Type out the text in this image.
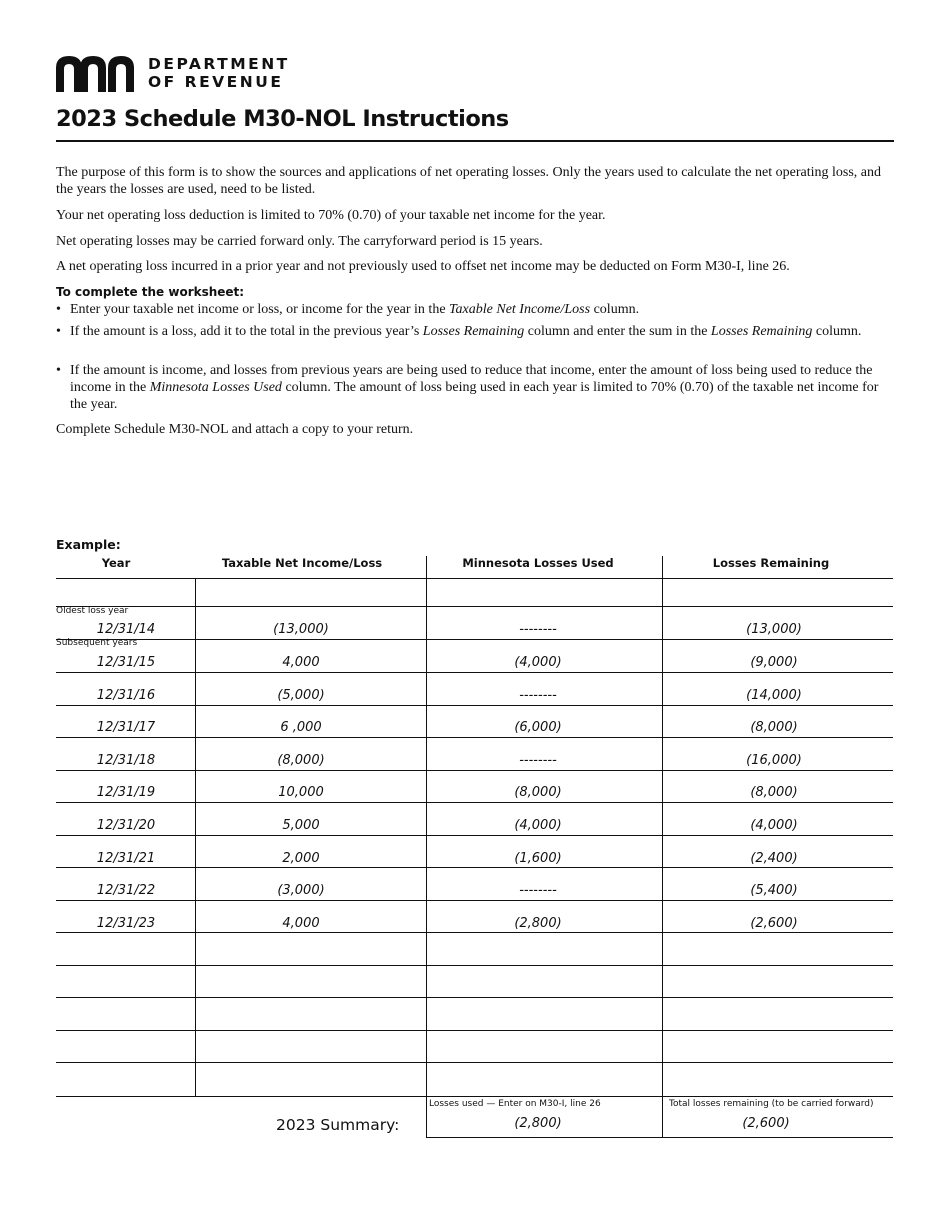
DEPARTMENT
OF REVENUE
2023 Schedule M30-NOL Instructions

The purpose of this form is to show the sources and applications of net operating losses. Only the years used to calculate the net operating loss, and the years the losses are used, need to be listed.

Your net operating loss deduction is limited to 70% (0.70) of your taxable net income for the year.

Net operating losses may be carried forward only. The carryforward period is 15 years.

A net operating loss incurred in a prior year and not previously used to offset net income may be deducted on Form M30-I, line 26.

To complete the worksheet:
• Enter your taxable net income or loss, or income for the year in the Taxable Net Income/Loss column.
• If the amount is a loss, add it to the total in the previous year’s Losses Remaining column and enter the sum in the Losses Remaining column.
• If the amount is income, and losses from previous years are being used to reduce that income, enter the amount of loss being used to reduce the income in the Minnesota Losses Used column. The amount of loss being used in each year is limited to 70% (0.70) of the taxable net income for the year.

Complete Schedule M30-NOL and attach a copy to your return.

Example:
Year	Taxable Net Income/Loss	Minnesota Losses Used	Losses Remaining
Oldest loss year
Subsequent years
12/31/14	(13,000)	--------	(13,000)
12/31/15	4,000	(4,000)	(9,000)
12/31/16	(5,000)	--------	(14,000)
12/31/17	6 ,000	(6,000)	(8,000)
12/31/18	(8,000)	--------	(16,000)
12/31/19	10,000	(8,000)	(8,000)
12/31/20	5,000	(4,000)	(4,000)
12/31/21	2,000	(1,600)	(2,400)
12/31/22	(3,000)	--------	(5,400)
12/31/23	4,000	(2,800)	(2,600)
2023 Summary:
Losses used — Enter on M30-I, line 26	Total losses remaining (to be carried forward)
(2,800)	(2,600)
